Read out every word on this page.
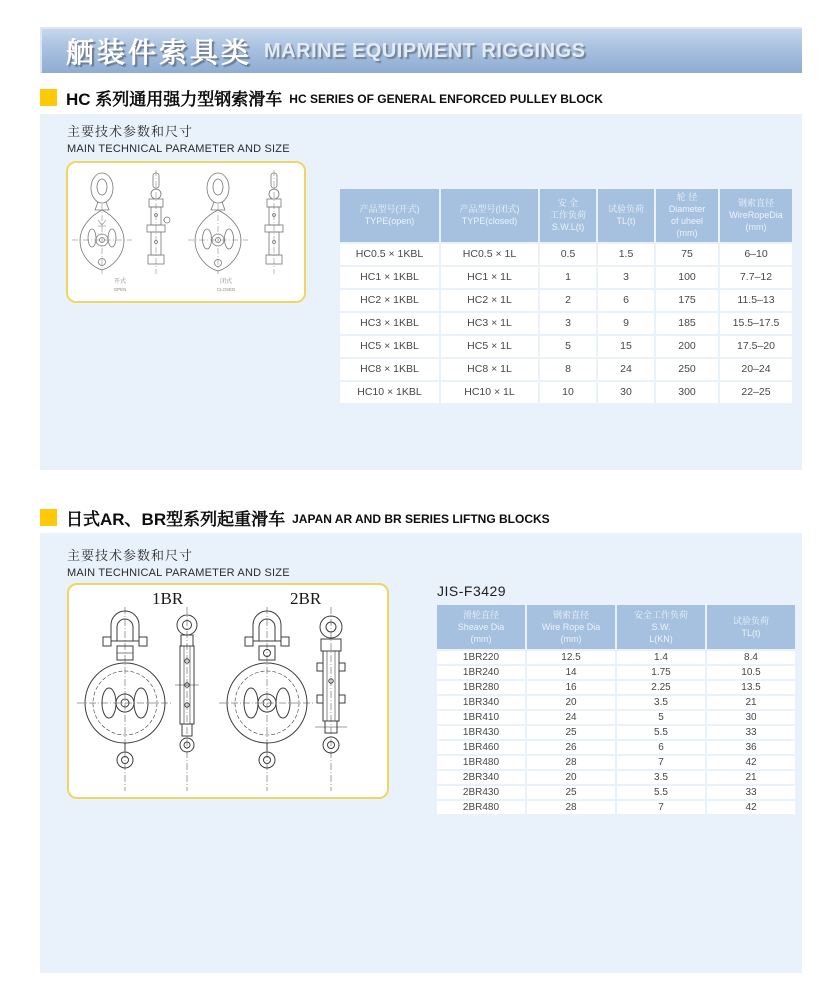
舾装件索具类 MARINE EQUIPMENT RIGGINGS
HC 系列通用强力型钢索滑车 HC SERIES OF GENERAL ENFORCED PULLEY BLOCK
主要技术参数和尺寸
MAIN TECHNICAL PARAMETER AND SIZE
开式
OPEN
闭式
CLOSED
产品型号(开式)
TYPE(open)	产品型号(闭式)
TYPE(closed)	安 全
工作负荷
S.W.L(t)	试验负荷
TL(t)	轮 径
Diameter
of uheel
(mm)	钢索直径
WireRopeDia
(mm)
HC0.5 × 1KBL	HC0.5 × 1L	0.5	1.5	75	6–10
HC1 × 1KBL	HC1 × 1L	1	3	100	7.7–12
HC2 × 1KBL	HC2 × 1L	2	6	175	11.5–13
HC3 × 1KBL	HC3 × 1L	3	9	185	15.5–17.5
HC5 × 1KBL	HC5 × 1L	5	15	200	17.5–20
HC8 × 1KBL	HC8 × 1L	8	24	250	20–24
HC10 × 1KBL	HC10 × 1L	10	30	300	22–25
日式AR、BR型系列起重滑车 JAPAN AR AND BR SERIES LIFTNG BLOCKS
主要技术参数和尺寸
MAIN TECHNICAL PARAMETER AND SIZE
1BR	2BR	JIS-F3429
滑轮直径
Sheave Dia
(mm)	钢索直径
Wire Rope Dia
(mm)	安全工作负荷
S.W.
L(KN)	试验负荷
TL(t)
1BR220	12.5	1.4	8.4
1BR240	14	1.75	10.5
1BR280	16	2.25	13.5
1BR340	20	3.5	21
1BR410	24	5	30
1BR430	25	5.5	33
1BR460	26	6	36
1BR480	28	7	42
2BR340	20	3.5	21
2BR430	25	5.5	33
2BR480	28	7	42
